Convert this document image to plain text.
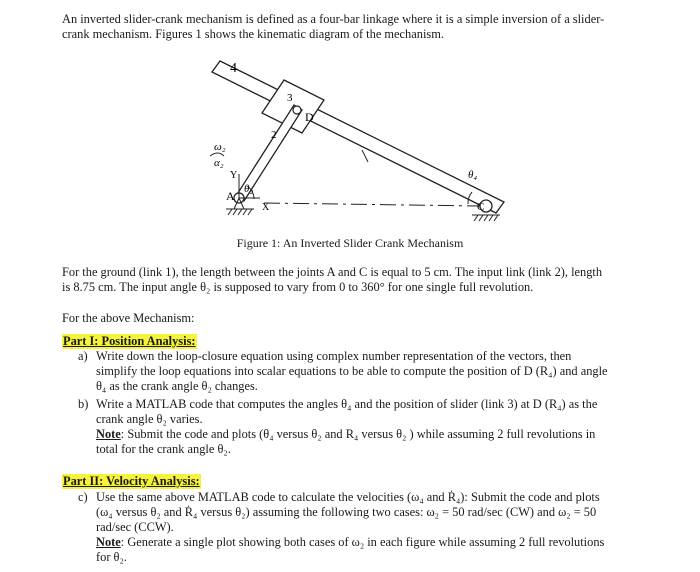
An inverted slider-crank mechanism is defined as a four-bar linkage where it is a simple inversion of a slider-
crank mechanism. Figures 1 shows the kinematic diagram of the mechanism.
4
3
2
D
A
C
Y
X
ω₂
α₂
θ₂
θ₄
Figure 1: An Inverted Slider Crank Mechanism
For the ground (link 1), the length between the joints A and C is equal to 5 cm. The input link (link 2), length
is 8.75 cm. The input angle θ₂ is supposed to vary from 0 to 360° for one single full revolution.
For the above Mechanism:
Part I: Position Analysis:
a) Write down the loop-closure equation using complex number representation of the vectors, then
simplify the loop equations into scalar equations to be able to compute the position of D (R₄) and angle
θ₄ as the crank angle θ₂ changes.
b) Write a MATLAB code that computes the angles θ₄ and the position of slider (link 3) at D (R₄) as the
crank angle θ₂ varies.
Note: Submit the code and plots (θ₄ versus θ₂ and R₄ versus θ₂ ) while assuming 2 full revolutions in
total for the crank angle θ₂.
Part II: Velocity Analysis:
c) Use the same above MATLAB code to calculate the velocities (ω₄ and Ṙ₄): Submit the code and plots
(ω₄ versus θ₂ and Ṙ₄ versus θ₂) assuming the following two cases: ω₂ = 50 rad/sec (CW) and ω₂ = 50
rad/sec (CCW).
Note: Generate a single plot showing both cases of ω₂ in each figure while assuming 2 full revolutions
for θ₂.
